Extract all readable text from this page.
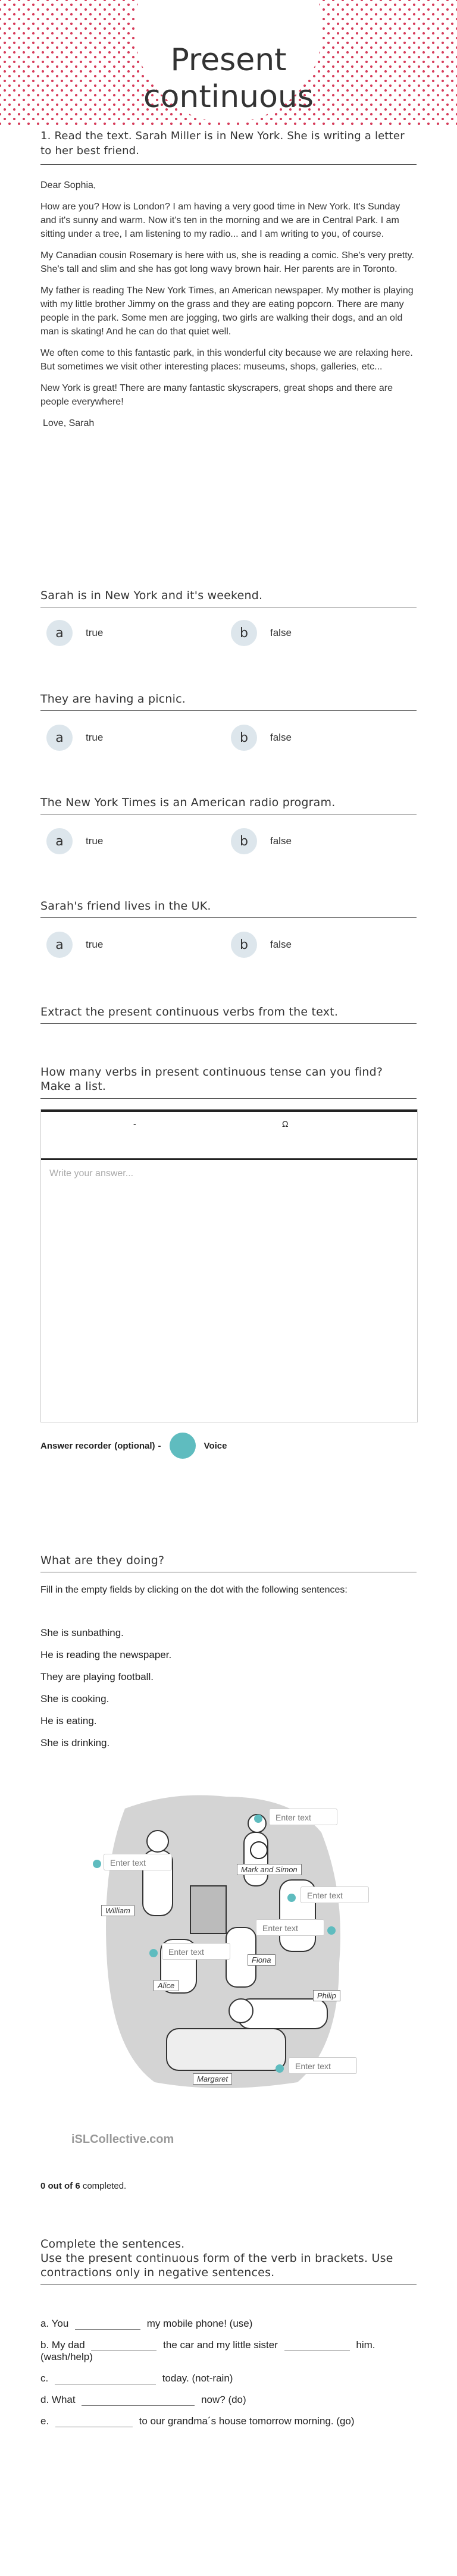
Present
continuous
1. Read the text. Sarah Miller is in New York. She is writing a letter to her best friend.

Dear Sophia,

How are you? How is London? I am having a very good time in New York. It's Sunday and it's sunny and warm. Now it's ten in the morning and we are in Central Park. I am sitting under a tree, I am listening to my radio... and I am writing to you, of course.

My Canadian cousin Rosemary is here with us, she is reading a comic. She's very pretty. She's tall and slim and she has got long wavy brown hair. Her parents are in Toronto.

My father is reading The New York Times, an American newspaper. My mother is playing with my little brother Jimmy on the grass and they are eating popcorn. There are many people in the park. Some men are jogging, two girls are walking their dogs, and an old man is skating! And he can do that quiet well.

We often come to this fantastic park, in this wonderful city because we are relaxing here. But sometimes we visit other interesting places: museums, shops, galleries, etc...

New York is great! There are many fantastic skyscrapers, great shops and there are people everywhere!

Love, Sarah

Sarah is in New York and it's weekend.
a	true	b	false
They are having a picnic.
a	true	b	false
The New York Times is an American radio program.
a	true	b	false
Sarah's friend lives in the UK.
a	true	b	false
Extract the present continuous verbs from the text.
How many verbs in present continuous tense can you find? Make a list.
-	Ω
Write your answer...
Answer recorder (optional) -	Voice
What are they doing?
Fill in the empty fields by clicking on the dot with the following sentences:

She is sunbathing.

He is reading the newspaper.

They are playing football.

She is cooking.

He is eating.

She is drinking.

Enter text
Enter text
Enter text
Enter text
Enter text
Enter text
Mark and Simon
William
Fiona
Alice
Philip
Margaret
iSLCollective.com
0 out of 6 completed.
Complete the sentences.
Use the present continuous form of the verb in brackets. Use contractions only in negative sentences.

a. You	my mobile phone! (use)

b. My dad	the car and my little sister	him.
(wash/help)

c.	today. (not-rain)

d. What	now? (do)

e.	to our grandma´s house tomorrow morning. (go)
